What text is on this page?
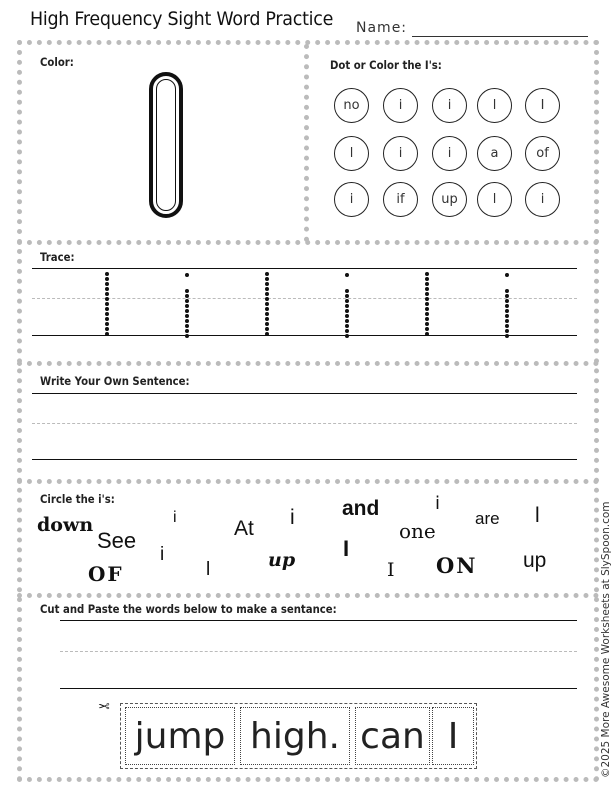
High Frequency Sight Word Practice Name:
Color:	Dot or Color the I's:
no	i	i	l	I
l	i	i	a	of
i	if	up	l	i
Trace:
Write Your Own Sentence:
Circle the i's:
down
See
i	At i and	i
one
are l
i
l
OF
up I
I ON up
Cut and Paste the words below to make a sentance:
✂
jump high. can I	©2025 More Awesome Worksheets at SlySpoon.com
